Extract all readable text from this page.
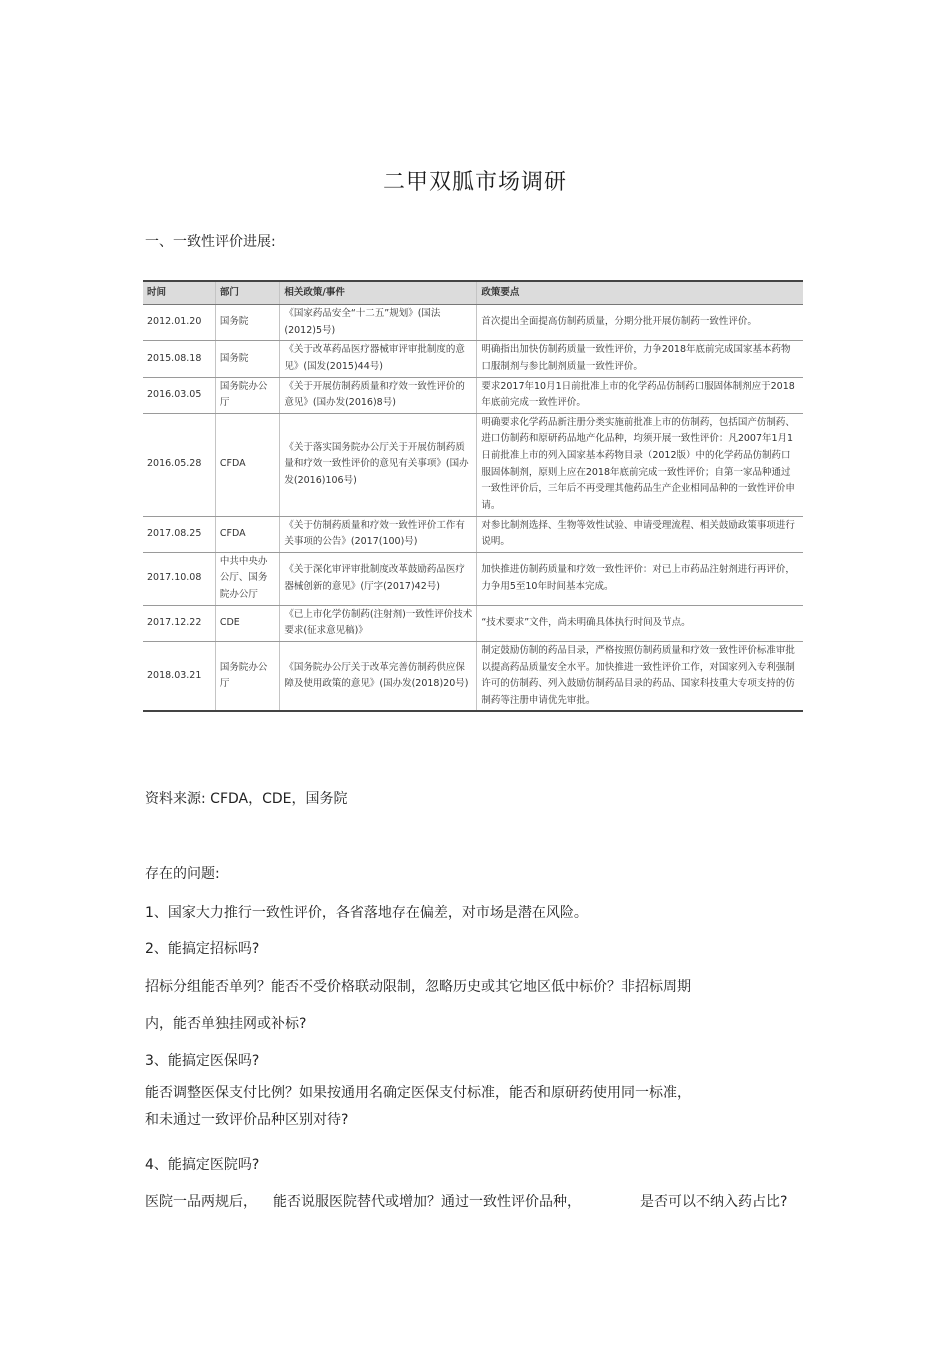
二甲双胍市场调研
一、一致性评价进展:
时间	部门	相关政策/事件	政策要点
2012.01.20	国务院	《国家药品安全“十二五”规划》(国法(2012)5号)	首次提出全面提高仿制药质量，分期分批开展仿制药一致性评价。
2015.08.18	国务院	《关于改革药品医疗器械审评审批制度的意见》(国发(2015)44号)	明确指出加快仿制药质量一致性评价，力争2018年底前完成国家基本药物口服制剂与参比制剂质量一致性评价。
2016.03.05	国务院办公厅	《关于开展仿制药质量和疗效一致性评价的意见》(国办发(2016)8号)	要求2017年10月1日前批准上市的化学药品仿制药口服固体制剂应于2018年底前完成一致性评价。
2016.05.28	CFDA	《关于落实国务院办公厅关于开展仿制药质量和疗效一致性评价的意见有关事项》(国办发(2016)106号)	明确要求化学药品新注册分类实施前批准上市的仿制药，包括国产仿制药、进口仿制药和原研药品地产化品种，均须开展一致性评价：凡2007年1月1日前批准上市的列入国家基本药物目录（2012版）中的化学药品仿制药口服固体制剂，原则上应在2018年底前完成一致性评价；自第一家品种通过一致性评价后，三年后不再受理其他药品生产企业相同品种的一致性评价申请。
2017.08.25	CFDA	《关于仿制药质量和疗效一致性评价工作有关事项的公告》(2017(100)号)	对参比制剂选择、生物等效性试验、申请受理流程、相关鼓励政策事项进行说明。
2017.10.08	中共中央办公厅、国务院办公厅	《关于深化审评审批制度改革鼓励药品医疗器械创新的意见》(厅字(2017)42号)	加快推进仿制药质量和疗效一致性评价：对已上市药品注射剂进行再评价，力争用5至10年时间基本完成。
2017.12.22	CDE	《已上市化学仿制药(注射剂)一致性评价技术要求(征求意见稿)》	“技术要求”文件，尚未明确具体执行时间及节点。
2018.03.21	国务院办公厅	《国务院办公厅关于改革完善仿制药供应保障及使用政策的意见》(国办发(2018)20号)	制定鼓励仿制的药品目录，严格按照仿制药质量和疗效一致性评价标准审批以提高药品质量安全水平。加快推进一致性评价工作，对国家列入专利强制许可的仿制药、列入鼓励仿制药品目录的药品、国家科技重大专项支持的仿制药等注册申请优先审批。
资料来源: CFDA，CDE，国务院
存在的问题:
1、国家大力推行一致性评价，各省落地存在偏差，对市场是潜在风险。
2、能搞定招标吗?
招标分组能否单列？能否不受价格联动限制，忽略历史或其它地区低中标价？非招标周期
内，能否单独挂网或补标?
3、能搞定医保吗?
能否调整医保支付比例？如果按通用名确定医保支付标准，能否和原研药使用同一标准，
和未通过一致评价品种区别对待?
4、能搞定医院吗?
医院一品两规后， 能否说服医院替代或增加？通过一致性评价品种，	是否可以不纳入药占比?
